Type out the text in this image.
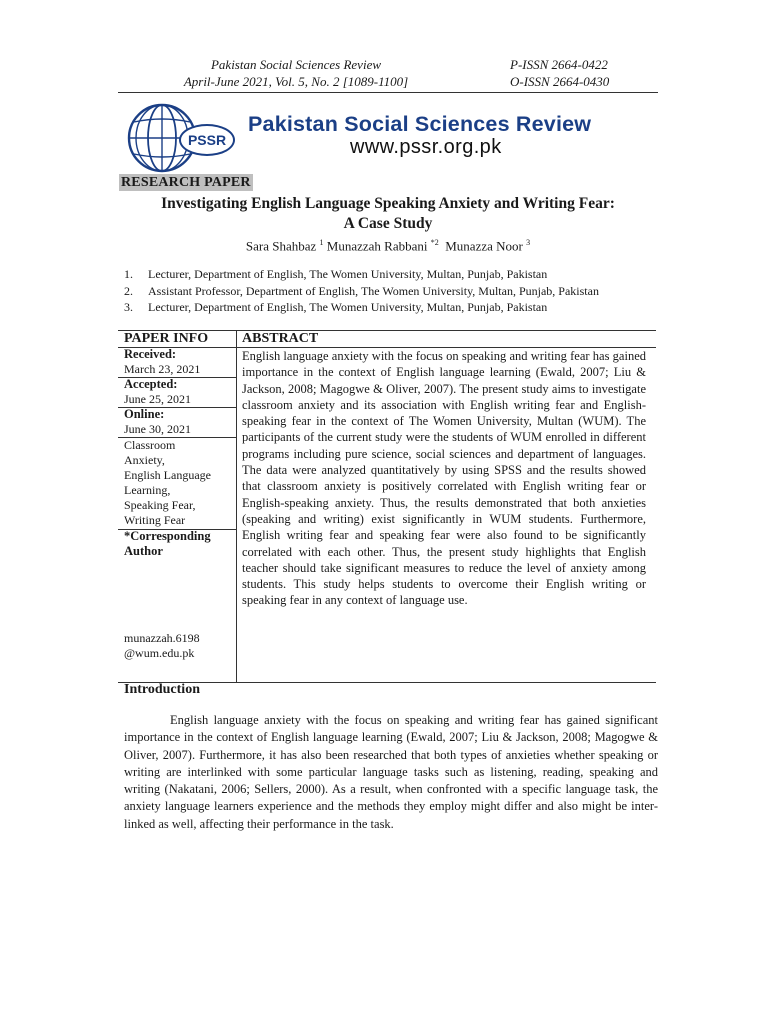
Pakistan Social Sciences Review
April-June 2021, Vol. 5, No. 2 [1089-1100]
P-ISSN 2664-0422
O-ISSN 2664-0430
PSSR
Pakistan Social Sciences Review
www.pssr.org.pk
RESEARCH PAPER
Investigating English Language Speaking Anxiety and Writing Fear:
A Case Study
Sara Shahbaz $^1$ Munazzah Rabbani $^{*2}$ Munazza Noor $^3$
1. Lecturer, Department of English, The Women University, Multan, Punjab, Pakistan
2. Assistant Professor, Department of English, The Women University, Multan, Punjab, Pakistan
3. Lecturer, Department of English, The Women University, Multan, Punjab, Pakistan
PAPER INFO ABSTRACT
Received:
March 23, 2021
Accepted:
June 25, 2021
Online:
June 30, 2021
Classroom
Anxiety,
English Language
Learning,
Speaking Fear,
Writing Fear
*Corresponding
Author
munazzah.6198
@wum.edu.pk
English language anxiety with the focus on speaking and writing fear has gained importance in the context of English language learning (Ewald, 2007; Liu & Jackson, 2008; Magogwe & Oliver, 2007). The present study aims to investigate classroom anxiety and its association with English writing fear and English-speaking fear in the context of The Women University, Multan (WUM). The participants of the current study were the students of WUM enrolled in different programs including pure science, social sciences and department of languages. The data were analyzed quantitatively by using SPSS and the results showed that classroom anxiety is positively correlated with English writing fear or English-speaking anxiety. Thus, the results demonstrated that both anxieties (speaking and writing) exist significantly in WUM students. Furthermore, English writing fear and speaking fear were also found to be significantly correlated with each other. Thus, the present study highlights that English teacher should take significant measures to reduce the level of anxiety among students. This study helps students to overcome their English writing or speaking fear in any context of language use.
Introduction
English language anxiety with the focus on speaking and writing fear has gained significant importance in the context of English language learning (Ewald, 2007; Liu & Jackson, 2008; Magogwe & Oliver, 2007). Furthermore, it has also been researched that both types of anxieties whether speaking or writing are interlinked with some particular language tasks such as listening, reading, speaking and writing (Nakatani, 2006; Sellers, 2000). As a result, when confronted with a specific language task, the anxiety language learners experience and the methods they employ might differ and also might be inter-linked as well, affecting their performance in the task.
